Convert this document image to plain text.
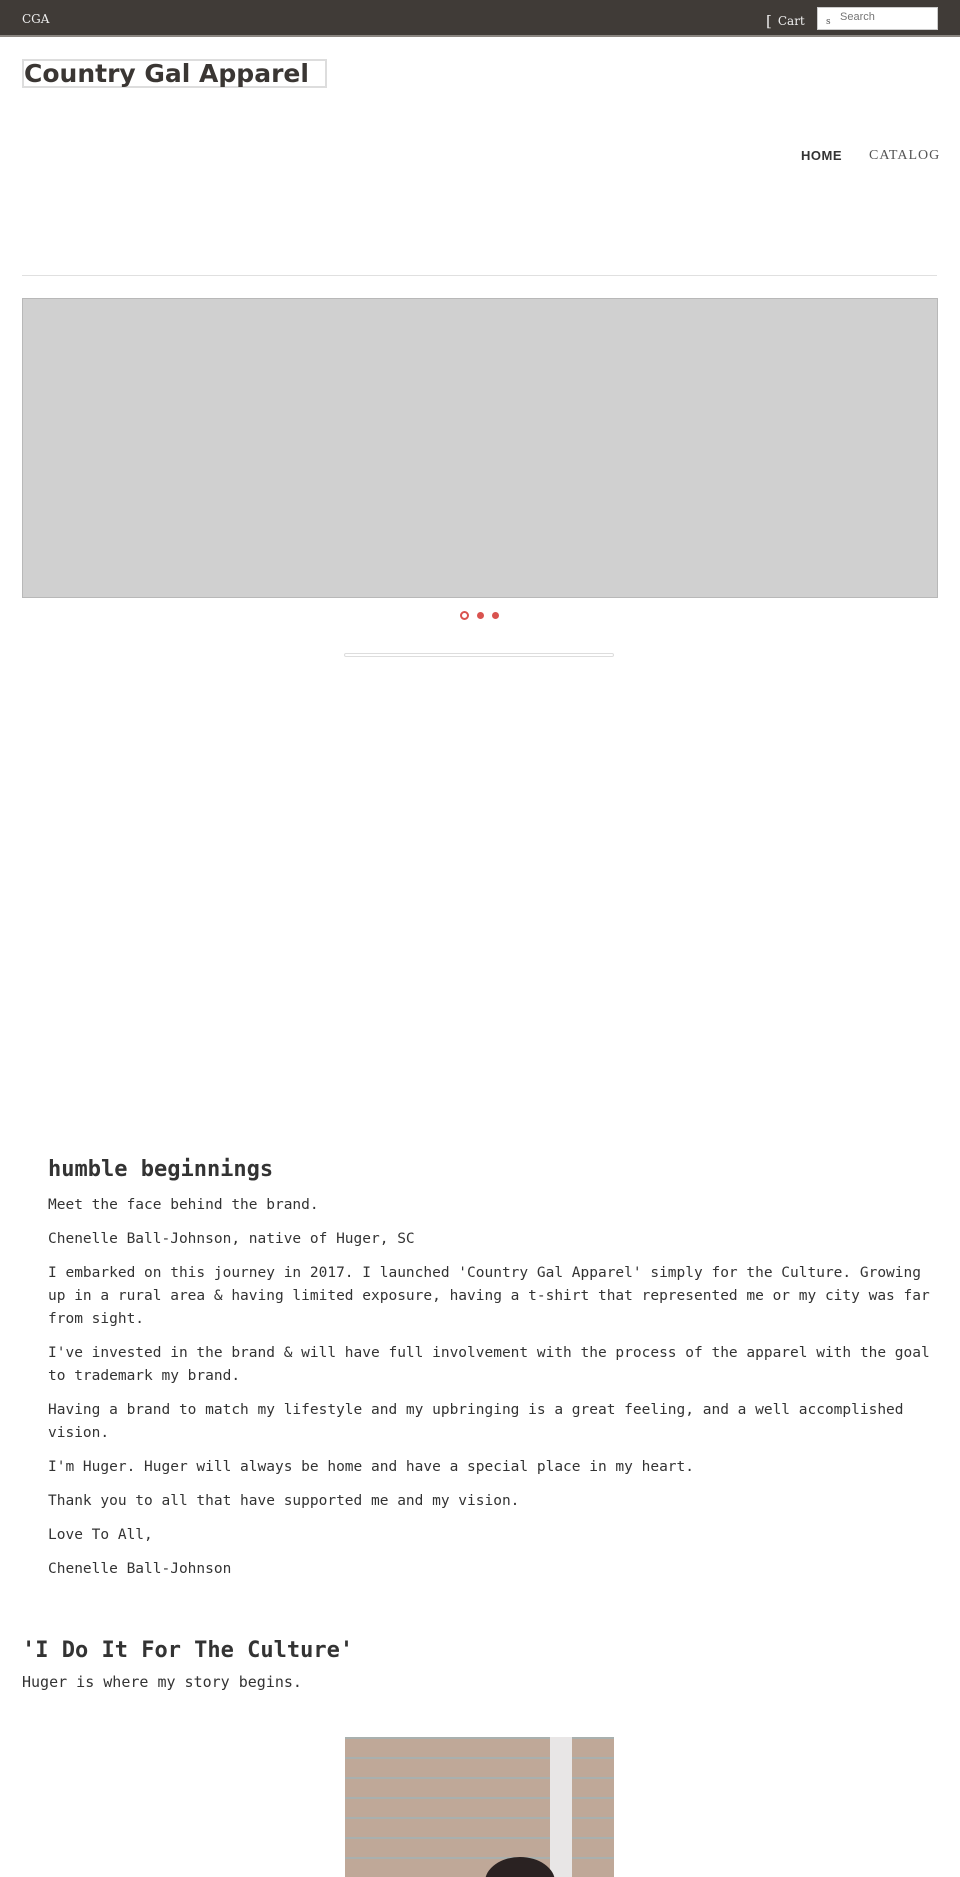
CGA	[ Cart s
Search
Country Gal Apparel
HOME CATALOG
humble beginnings

Meet the face behind the brand.

Chenelle Ball-Johnson, native of Huger, SC

I embarked on this journey in 2017. I launched 'Country Gal Apparel' simply for the Culture. Growing up in a rural area & having limited exposure, having a t-shirt that represented me or my city was far from sight.

I've invested in the brand & will have full involvement with the process of the apparel with the goal to trademark my brand.

Having a brand to match my lifestyle and my upbringing is a great feeling, and a well accomplished vision.

I'm Huger. Huger will always be home and have a special place in my heart.

Thank you to all that have supported me and my vision.

Love To All,

Chenelle Ball-Johnson

'I Do It For The Culture'

Huger is where my story begins.
